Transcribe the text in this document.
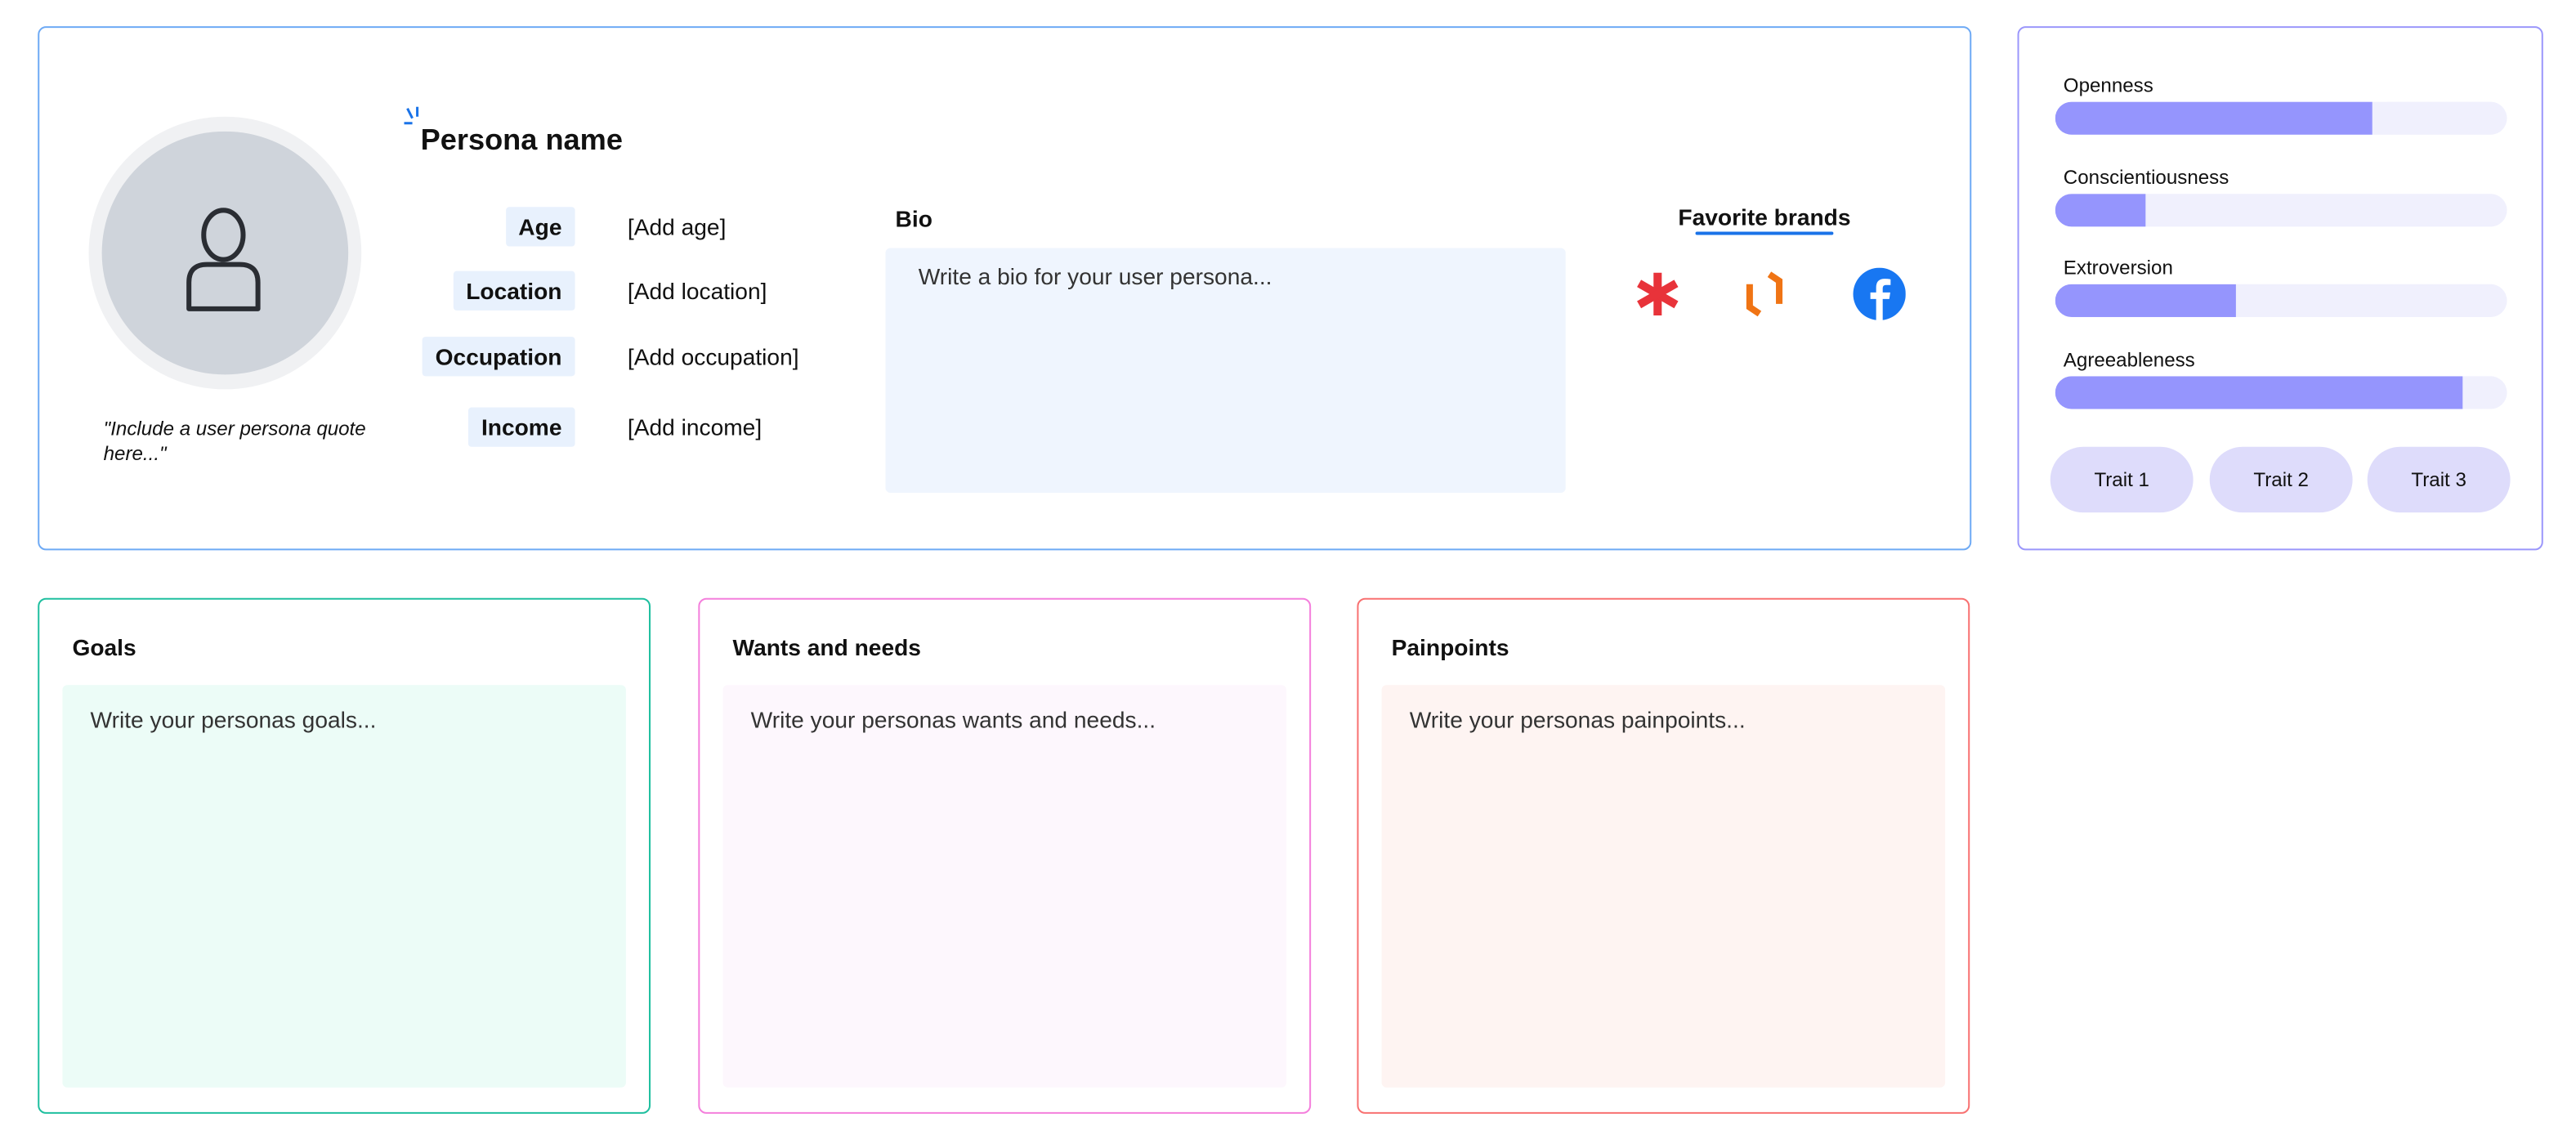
"Include a user persona quote here..."
Persona name
Age	[Add age]
Location	[Add location]
Occupation	[Add occupation]
Income	[Add income]
Bio
Write a bio for your user persona...
Favorite brands
Openness
Conscientiousness
Extroversion
Agreeableness
Trait 1	Trait 2	Trait 3
Goals
Write your personas goals...
Wants and needs
Write your personas wants and needs...
Painpoints
Write your personas painpoints...
